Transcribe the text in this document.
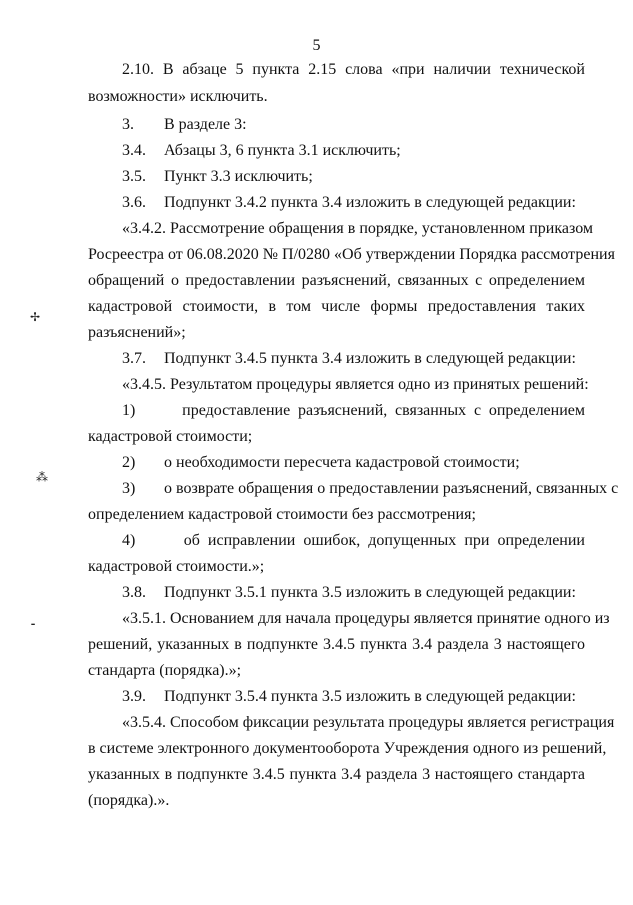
5
2.10. В абзаце 5 пункта 2.15 слова «при наличии технической
возможности» исключить.
3. В разделе 3:
3.4. Абзацы 3, 6 пункта 3.1 исключить;
3.5. Пункт 3.3 исключить;
3.6. Подпункт 3.4.2 пункта 3.4 изложить в следующей редакции:
«3.4.2. Рассмотрение обращения в порядке, установленном приказом
Росреестра от 06.08.2020 № П/0280 «Об утверждении Порядка рассмотрения
обращений о предоставлении разъяснений, связанных с определением
кадастровой стоимости, в том числе формы предоставления таких
разъяснений»;
3.7. Подпункт 3.4.5 пункта 3.4 изложить в следующей редакции:
«3.4.5. Результатом процедуры является одно из принятых решений:
1)	предоставление разъяснений, связанных с определением
кадастровой стоимости;
2) о необходимости пересчета кадастровой стоимости;
3) о возврате обращения о предоставлении разъяснений, связанных с
определением кадастровой стоимости без рассмотрения;
4)	об исправлении ошибок, допущенных при определении
кадастровой стоимости.»;
3.8. Подпункт 3.5.1 пункта 3.5 изложить в следующей редакции:
«3.5.1. Основанием для начала процедуры является принятие одного из
решений, указанных в подпункте 3.4.5 пункта 3.4 раздела 3 настоящего
стандарта (порядка).»;
3.9. Подпункт 3.5.4 пункта 3.5 изложить в следующей редакции:
«3.5.4. Способом фиксации результата процедуры является регистрация
в системе электронного документооборота Учреждения одного из решений,
указанных в подпункте 3.4.5 пункта 3.4 раздела 3 настоящего стандарта
(порядка).».
✢
⁂
⁃
